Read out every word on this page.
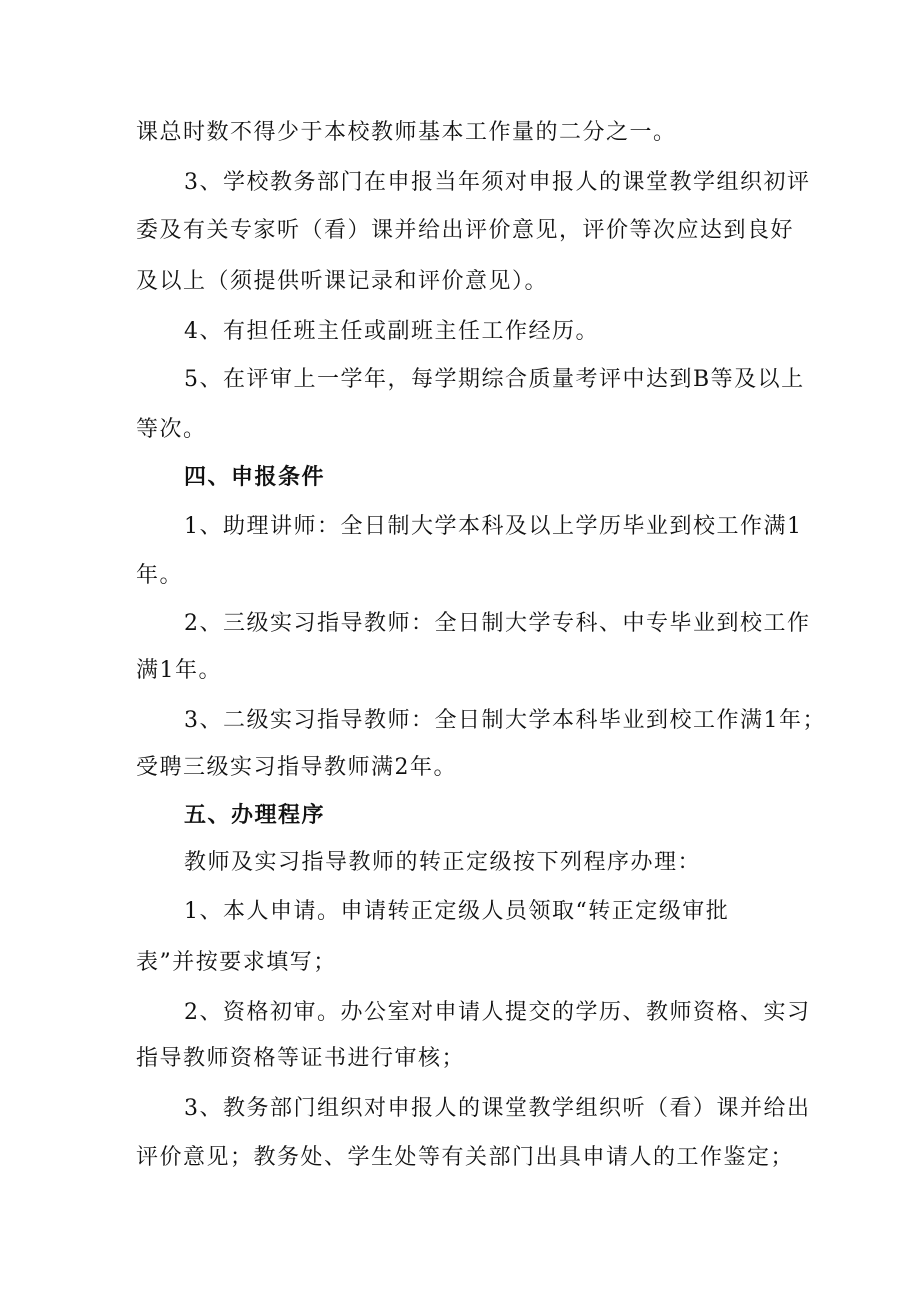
课总时数不得少于本校教师基本工作量的二分之一。
3、学校教务部门在申报当年须对申报人的课堂教学组织初评
委及有关专家听（看）课并给出评价意见，评价等次应达到良好
及以上（须提供听课记录和评价意见）。
4、有担任班主任或副班主任工作经历。
5、在评审上一学年，每学期综合质量考评中达到B等及以上
等次。
四、申报条件
1、助理讲师：全日制大学本科及以上学历毕业到校工作满1
年。
2、三级实习指导教师：全日制大学专科、中专毕业到校工作
满1年。
3、二级实习指导教师：全日制大学本科毕业到校工作满1年；
受聘三级实习指导教师满2年。
五、办理程序
教师及实习指导教师的转正定级按下列程序办理：
1、本人申请。申请转正定级人员领取“转正定级审批
表”并按要求填写；
2、资格初审。办公室对申请人提交的学历、教师资格、实习
指导教师资格等证书进行审核；
3、教务部门组织对申报人的课堂教学组织听（看）课并给出
评价意见；教务处、学生处等有关部门出具申请人的工作鉴定；
